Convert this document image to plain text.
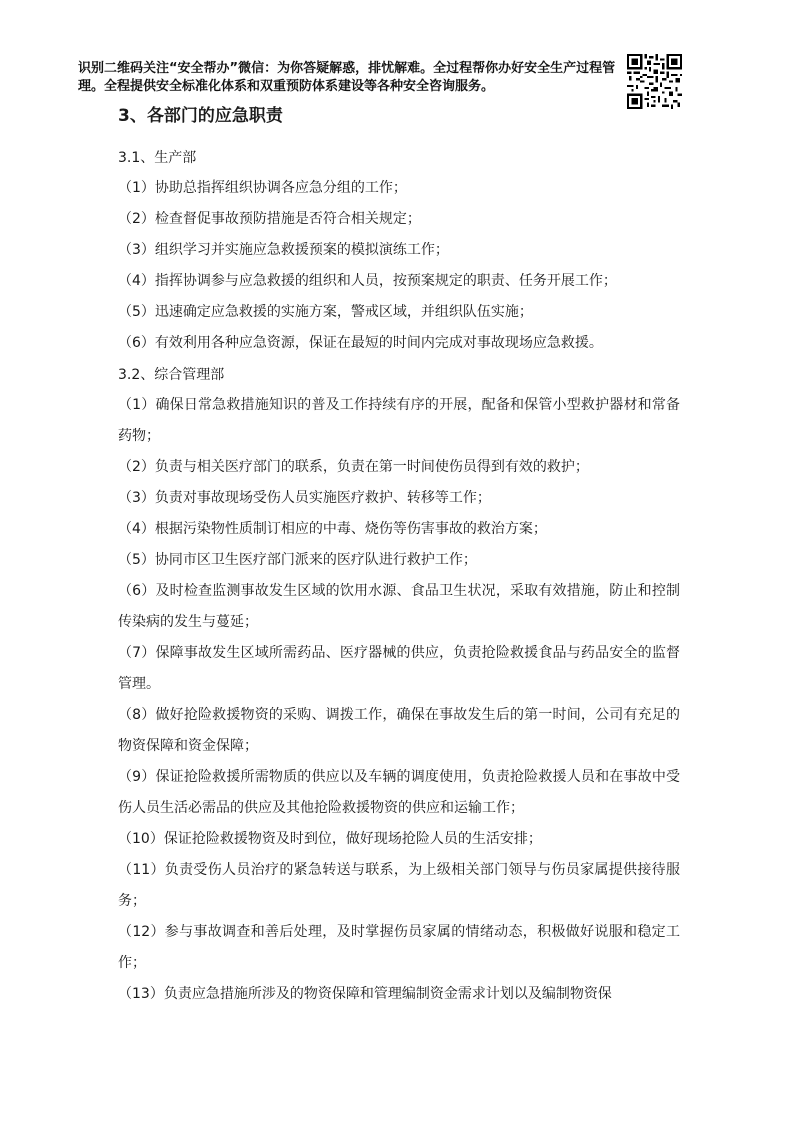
识别二维码关注“安全帮办”微信：为你答疑解惑，排忧解难。全过程帮你办好安全生产过程管理。全程提供安全标准化体系和双重预防体系建设等各种安全咨询服务。
3、各部门的应急职责

3.1、生产部

（1）协助总指挥组织协调各应急分组的工作；

（2）检查督促事故预防措施是否符合相关规定；

（3）组织学习并实施应急救援预案的模拟演练工作；

（4）指挥协调参与应急救援的组织和人员，按预案规定的职责、任务开展工作；

（5）迅速确定应急救援的实施方案，警戒区域，并组织队伍实施；

（6）有效利用各种应急资源，保证在最短的时间内完成对事故现场应急救援。

3.2、综合管理部

（1）确保日常急救措施知识的普及工作持续有序的开展，配备和保管小型救护器材和常备药物；

（2）负责与相关医疗部门的联系，负责在第一时间使伤员得到有效的救护；

（3）负责对事故现场受伤人员实施医疗救护、转移等工作；

（4）根据污染物性质制订相应的中毒、烧伤等伤害事故的救治方案；

（5）协同市区卫生医疗部门派来的医疗队进行救护工作；

（6）及时检查监测事故发生区域的饮用水源、食品卫生状况，采取有效措施，防止和控制传染病的发生与蔓延；

（7）保障事故发生区域所需药品、医疗器械的供应，负责抢险救援食品与药品安全的监督管理。

（8）做好抢险救援物资的采购、调拨工作，确保在事故发生后的第一时间，公司有充足的物资保障和资金保障；

（9）保证抢险救援所需物质的供应以及车辆的调度使用，负责抢险救援人员和在事故中受伤人员生活必需品的供应及其他抢险救援物资的供应和运输工作；

（10）保证抢险救援物资及时到位，做好现场抢险人员的生活安排；

（11）负责受伤人员治疗的紧急转送与联系，为上级相关部门领导与伤员家属提供接待服务；

（12）参与事故调查和善后处理，及时掌握伤员家属的情绪动态，积极做好说服和稳定工作；

（13）负责应急措施所涉及的物资保障和管理编制资金需求计划以及编制物资保
